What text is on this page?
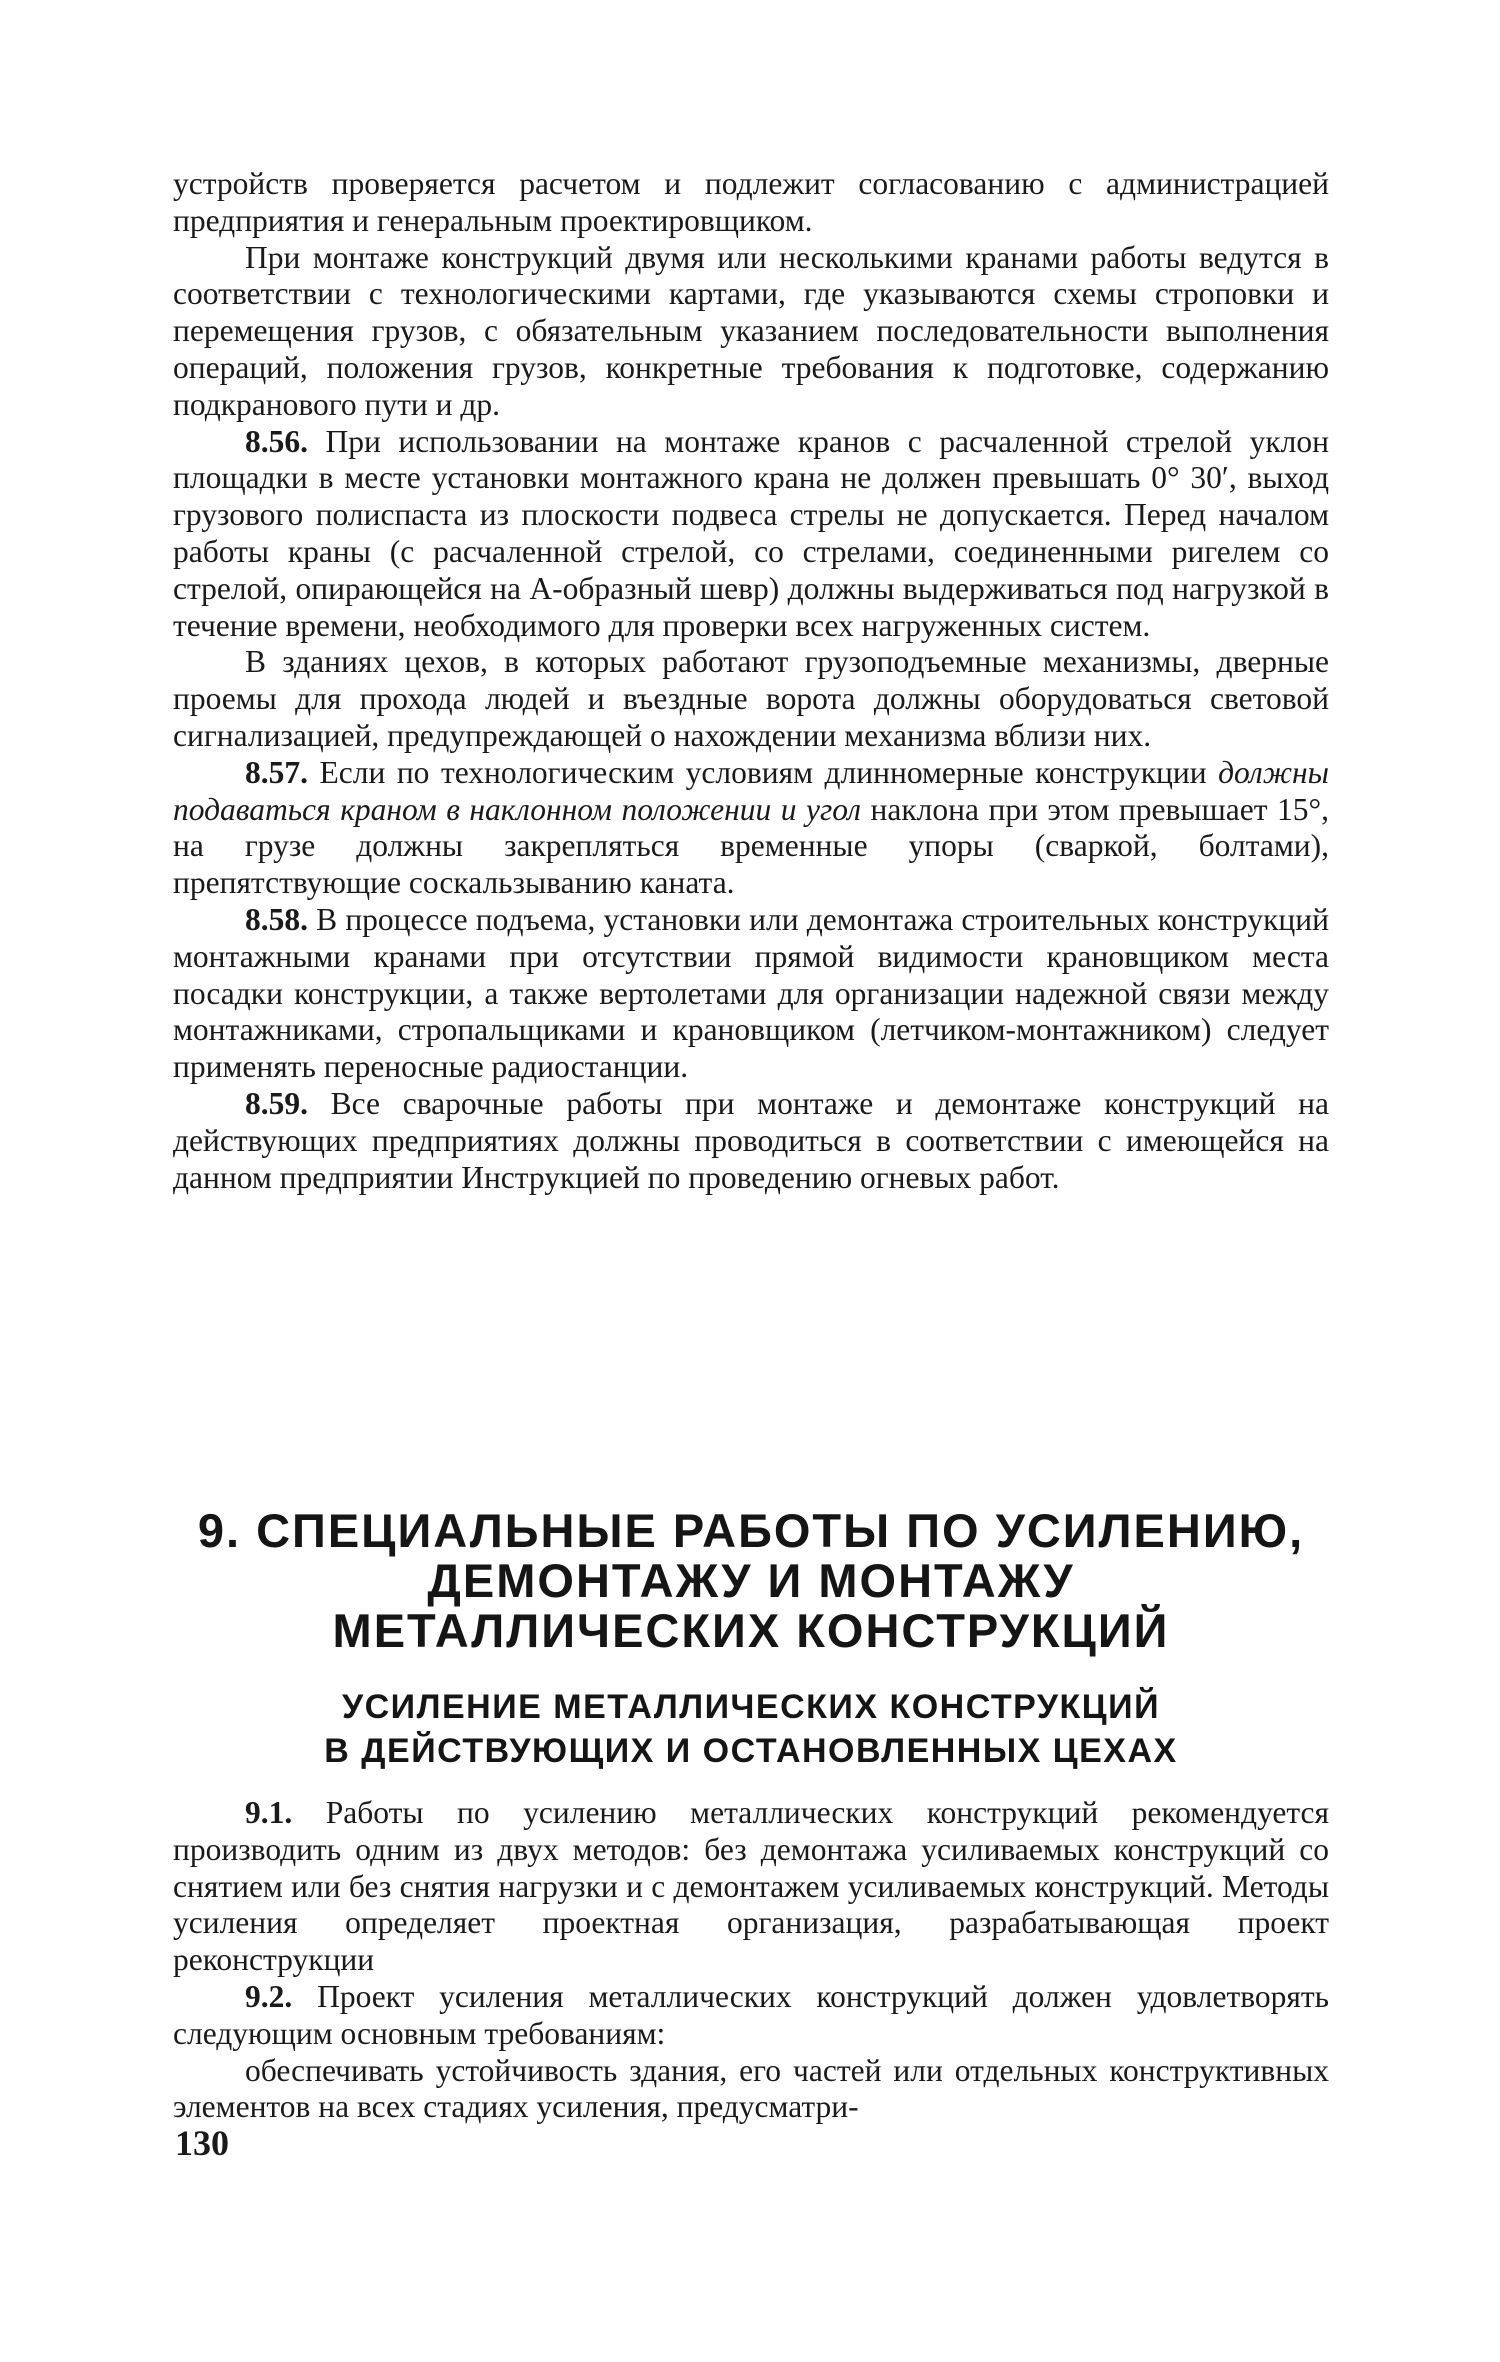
устройств проверяется расчетом и подлежит согласованию с администрацией предприятия и генеральным проектировщиком.

При монтаже конструкций двумя или несколькими кранами работы ведутся в соответствии с технологическими картами, где указываются схемы строповки и перемещения грузов, с обязательным указанием последовательности выполнения операций, положения грузов, конкретные требования к подготовке, содержанию подкранового пути и др.

8.56. При использовании на монтаже кранов с расчаленной стрелой уклон площадки в месте установки монтажного крана не должен превышать 0° 30′, выход грузового полиспаста из плоскости подвеса стрелы не допускается. Перед началом работы краны (с расчаленной стрелой, со стрелами, соединенными ригелем со стрелой, опирающейся на А-образный шевр) должны выдерживаться под нагрузкой в течение времени, необходимого для проверки всех нагруженных систем.

В зданиях цехов, в которых работают грузоподъемные механизмы, дверные проемы для прохода людей и въездные ворота должны оборудоваться световой сигнализацией, предупреждающей о нахождении механизма вблизи них.

8.57. Если по технологическим условиям длинномерные конструкции должны подаваться краном в наклонном положении и угол наклона при этом превышает 15°, на грузе должны закрепляться временные упоры (сваркой, болтами), препятствующие соскальзыванию каната.

8.58. В процессе подъема, установки или демонтажа строительных конструкций монтажными кранами при отсутствии прямой видимости крановщиком места посадки конструкции, а также вертолетами для организации надежной связи между монтажниками, стропальщиками и крановщиком (летчиком-монтажником) следует применять переносные радиостанции.

8.59. Все сварочные работы при монтаже и демонтаже конструкций на действующих предприятиях должны проводиться в соответствии с имеющейся на данном предприятии Инструкцией по проведению огневых работ.

9. СПЕЦИАЛЬНЫЕ РАБОТЫ ПО УСИЛЕНИЮ,
ДЕМОНТАЖУ И МОНТАЖУ
МЕТАЛЛИЧЕСКИХ КОНСТРУКЦИЙ
УСИЛЕНИЕ МЕТАЛЛИЧЕСКИХ КОНСТРУКЦИЙ
В ДЕЙСТВУЮЩИХ И ОСТАНОВЛЕННЫХ ЦЕХАХ

9.1. Работы по усилению металлических конструкций рекомендуется производить одним из двух методов: без демонтажа усиливаемых конструкций со снятием или без снятия нагрузки и с демонтажем усиливаемых конструкций. Методы усиления определяет проектная организация, разрабатывающая проект реконструкции

9.2. Проект усиления металлических конструкций должен удовлетворять следующим основным требованиям:

обеспечивать устойчивость здания, его частей или отдельных конструктивных элементов на всех стадиях усиления, предусматри-

130
